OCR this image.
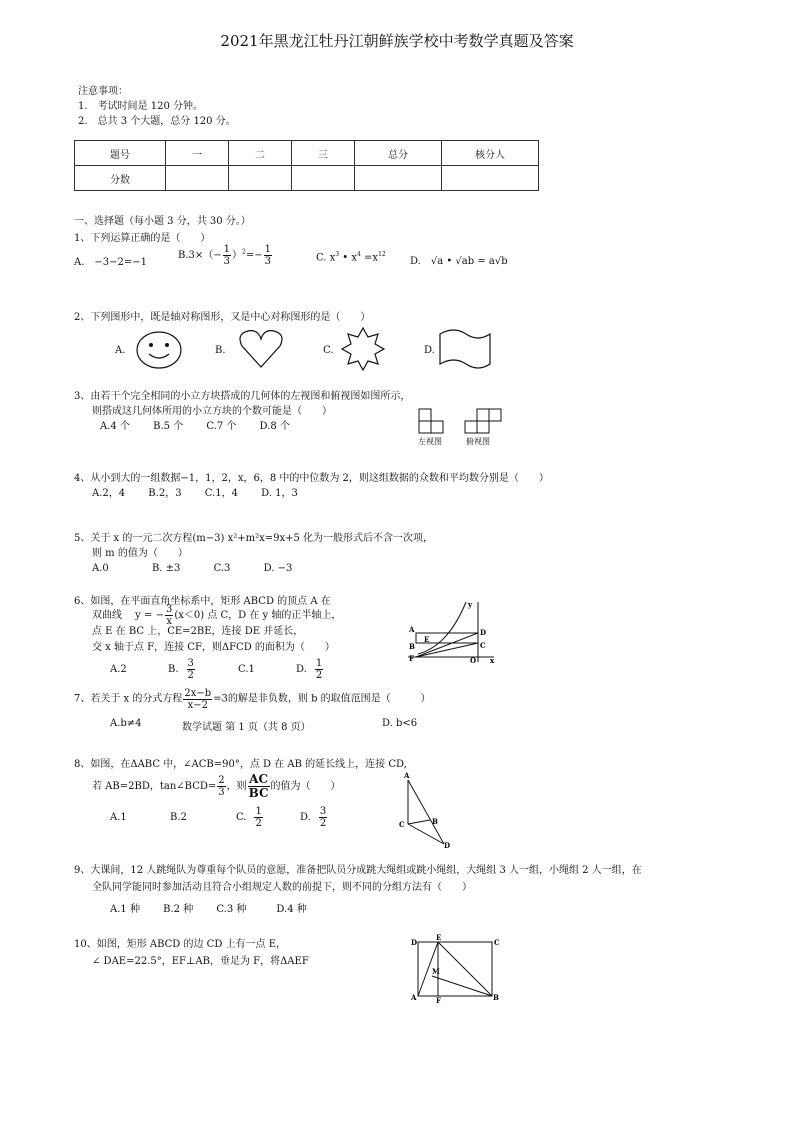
2021年黑龙江牡丹江朝鲜族学校中考数学真题及答案
注意事项：
1.　考试时间是 120 分钟。
2.　总共 3 个大题，总分 120 分。
题号	一	二	三	总分	核分人
分数					
一、选择题（每小题 3 分，共 30 分。）
1、下列运算正确的是（　　）
A.　−3−2=−1
$B.3\times(- \frac{1}{3} )^2=- \frac{1}{3}$	C. $x^3$ • $x^4 =x^{12}$
D.　√a • √ab = a√b
2、下列图形中，既是轴对称图形，又是中心对称图形的是（　　）
A.	B.	C.	D.
3、由若干个完全相同的小立方块搭成的几何体的左视图和俯视图如图所示，
则搭成这几何体所用的小立方块的个数可能是（　　）
A.4 个　　 B.5 个　　 C.7 个　　 D.8 个
左视图	俯视图
4、从小到大的一组数据−1，1，2，x，6，8 中的中位数为 2，则这组数据的众数和平均数分别是（　　）
A.2，4　　 B.2，3　　 C.1，4　　 D. 1，3
5、关于 x 的一元二次方程(m−3) x²+m²x=9x+5 化为一般形式后不含一次项，
则 m 的值为（　　）
A.0　　　　 B. ±3　　　 C.3　　　 D. −3
6、如图，在平面直角坐标系中，矩形 ABCD 的顶点 A 在
双曲线　 y = − $\frac{3}{x} (x<0)$ 点 C，D 在 y 轴的正半轴上，
点 E 在 BC 上，CE=2BE，连接 DE 并延长，
交 x 轴于点 F，连接 CF，则ΔFCD 的面积为（　　）
A.2	B. $\frac{3}{2}$	C.1	D. $\frac{1}{2}$
y
A
E
D
B	C
F	O x
7、若关于 x 的分式方程 $\frac{2x-b}{x-2} =3$的解是非负数，则 b 的取值范围是（　　　）
A.b≠4	数学试题 第 1 页（共 8 页）	D. b<6
8、如图，在ΔABC 中，∠ACB=90°，点 D 在 AB 的延长线上，连接 CD,
若 AB=2BD，tan∠BCD= $\frac{2}{3}$ ，则 $\frac{AC}{BC}$ 的值为（　　）
A.1	B.2	C. $\frac{1}{2}$	D. $\frac{3}{2}$
A
C	B
D
9、大课间，12 人跳绳队为尊重每个队员的意愿，准备把队员分成跳大绳组或跳小绳组，大绳组 3 人一组，小绳组 2 人一组，在
全队同学能同时参加活动且符合小组规定人数的前提下，则不同的分组方法有（　　）
A.1 种　　 B.2 种　　 C.3 种　　　D.4 种
10、如图，矩形 ABCD 的边 CD 上有一点 E，
∠ DAE=22.5°，EF⊥AB，垂足为 F，将ΔAEF
D
E
C
M
A	F	B
